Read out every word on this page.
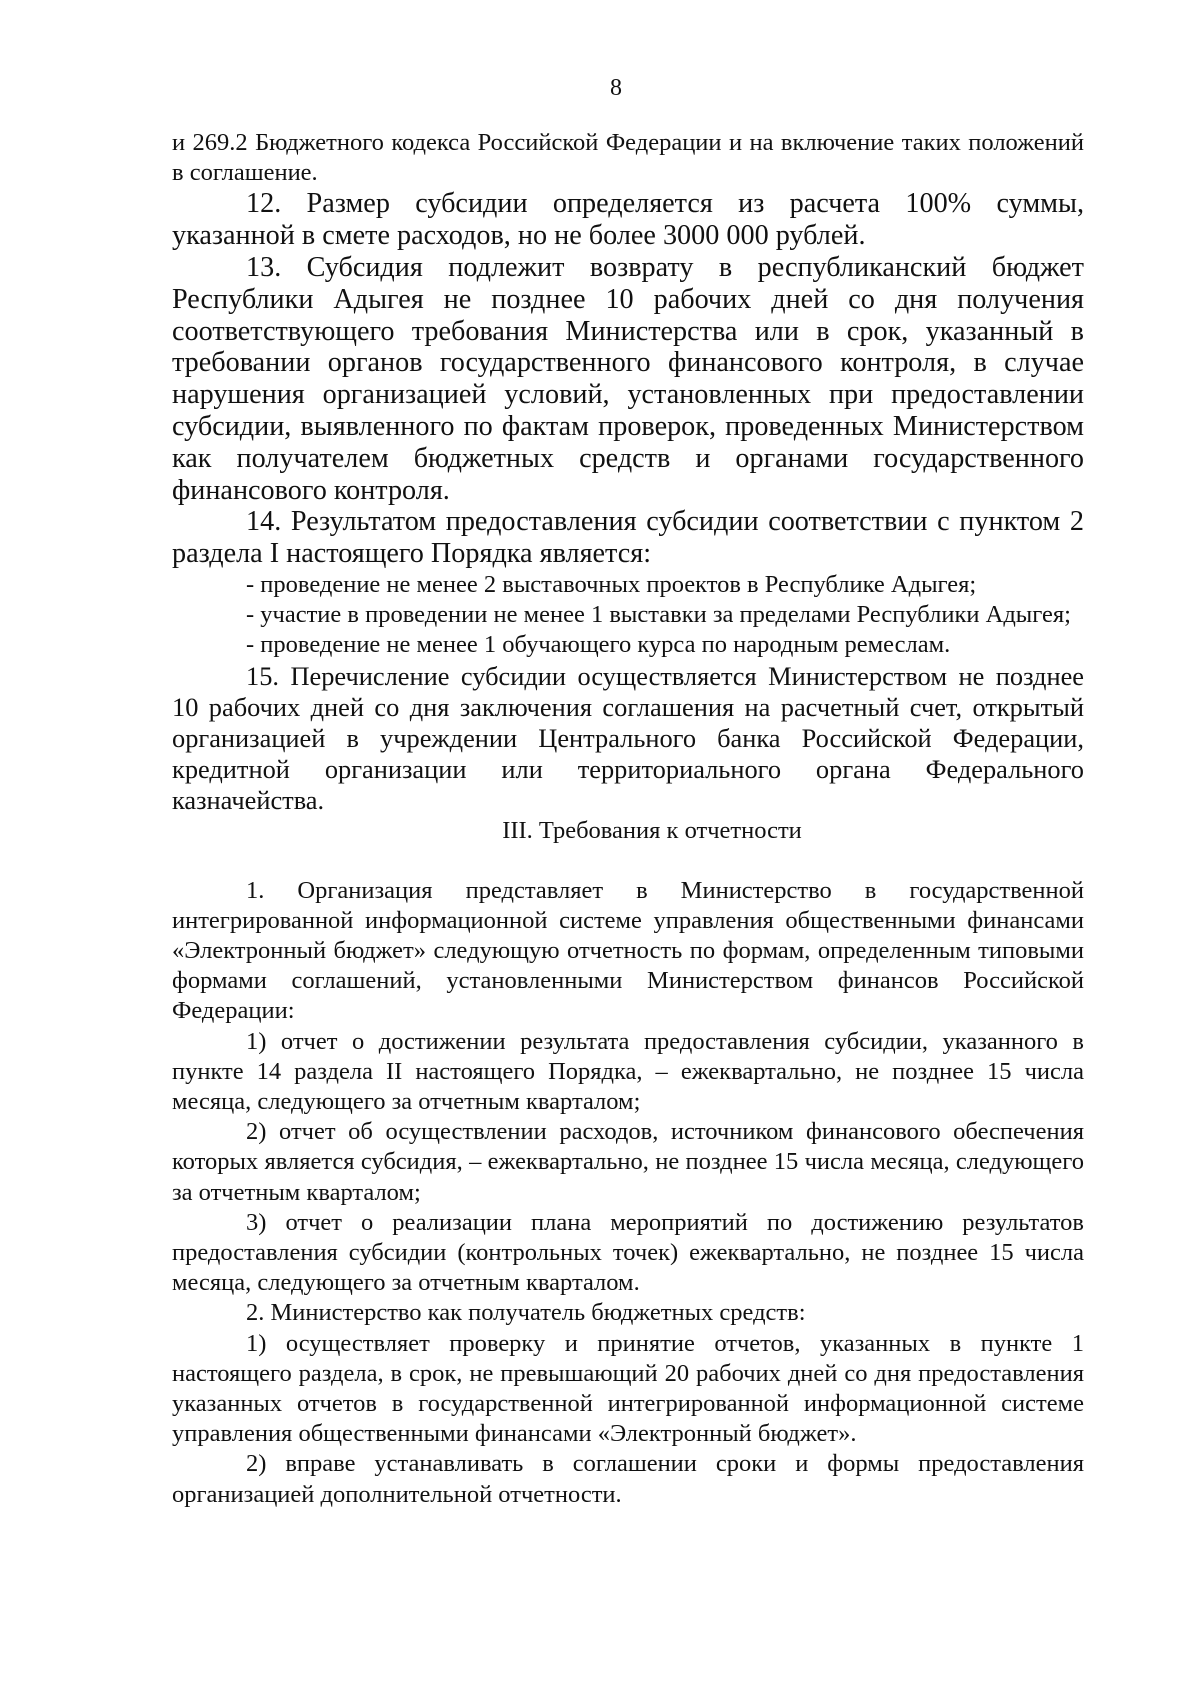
8

и 269.2 Бюджетного кодекса Российской Федерации и на включение таких положений в соглашение.

12. Размер субсидии определяется из расчета 100% суммы, указанной в смете расходов, но не более 3000 000 рублей.

13. Субсидия подлежит возврату в республиканский бюджет Республики Адыгея не позднее 10 рабочих дней со дня получения соответствующего требования Министерства или в срок, указанный в требовании органов государственного финансового контроля, в случае нарушения организацией условий, установленных при предоставлении субсидии, выявленного по фактам проверок, проведенных Министерством как получателем бюджетных средств и органами государственного финансового контроля.

14. Результатом предоставления субсидии соответствии с пунктом 2 раздела I настоящего Порядка является:

- проведение не менее 2 выставочных проектов в Республике Адыгея;

- участие в проведении не менее 1 выставки за пределами Республики Адыгея;

- проведение не менее 1 обучающего курса по народным ремеслам.

15. Перечисление субсидии осуществляется Министерством не позднее 10 рабочих дней со дня заключения соглашения на расчетный счет, открытый организацией в учреждении Центрального банка Российской Федерации, кредитной организации или территориального органа Федерального казначейства.

III. Требования к отчетности

1. Организация представляет в Министерство в государственной интегрированной информационной системе управления общественными финансами «Электронный бюджет» следующую отчетность по формам, определенным типовыми формами соглашений, установленными Министерством финансов Российской Федерации:

1) отчет о достижении результата предоставления субсидии, указанного в пункте 14 раздела II настоящего Порядка, – ежеквартально, не позднее 15 числа месяца, следующего за отчетным кварталом;

2) отчет об осуществлении расходов, источником финансового обеспечения которых является субсидия, – ежеквартально, не позднее 15 числа месяца, следующего за отчетным кварталом;

3) отчет о реализации плана мероприятий по достижению результатов предоставления субсидии (контрольных точек) ежеквартально, не позднее 15 числа месяца, следующего за отчетным кварталом.

2. Министерство как получатель бюджетных средств:

1) осуществляет проверку и принятие отчетов, указанных в пункте 1 настоящего раздела, в срок, не превышающий 20 рабочих дней со дня предоставления указанных отчетов в государственной интегрированной информационной системе управления общественными финансами «Электронный бюджет».

2) вправе устанавливать в соглашении сроки и формы предоставления организацией дополнительной отчетности.
